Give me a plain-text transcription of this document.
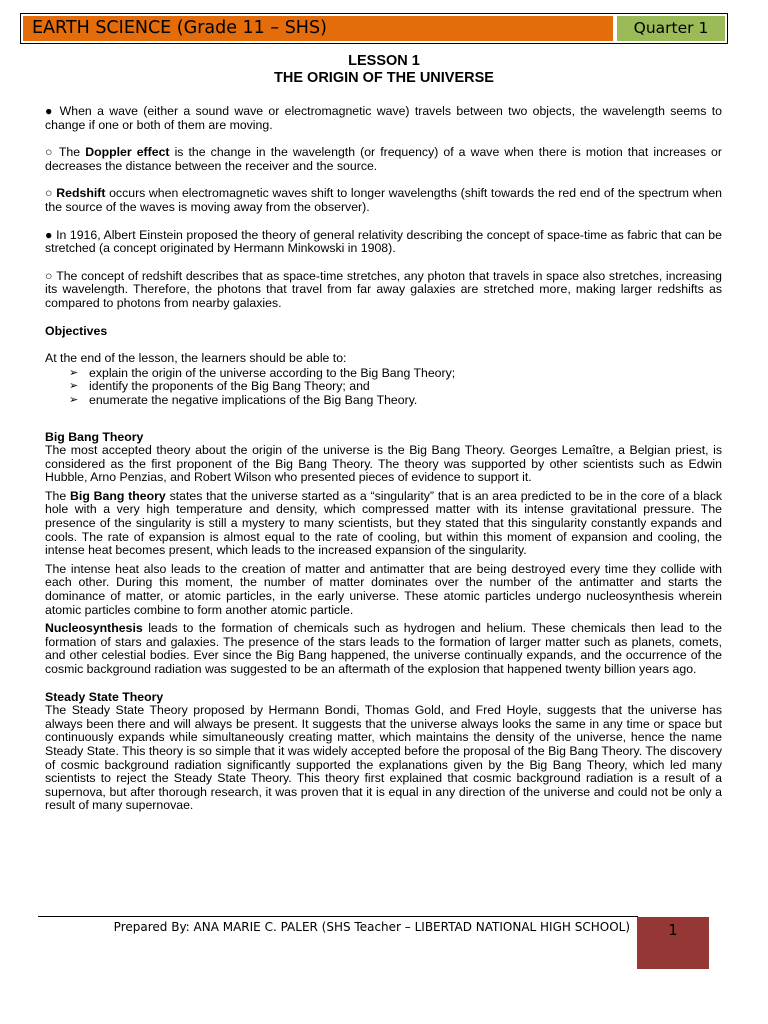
EARTH SCIENCE (Grade 11 – SHS)	Quarter 1
LESSON 1
THE ORIGIN OF THE UNIVERSE

● When a wave (either a sound wave or electromagnetic wave) travels between two objects, the wavelength seems to change if one or both of them are moving.

○ The Doppler effect is the change in the wavelength (or frequency) of a wave when there is motion that increases or decreases the distance between the receiver and the source.

○ Redshift occurs when electromagnetic waves shift to longer wavelengths (shift towards the red end of the spectrum when the source of the waves is moving away from the observer).

● In 1916, Albert Einstein proposed the theory of general relativity describing the concept of space-time as fabric that can be stretched (a concept originated by Hermann Minkowski in 1908).

○ The concept of redshift describes that as space-time stretches, any photon that travels in space also stretches, increasing its wavelength. Therefore, the photons that travel from far away galaxies are stretched more, making larger redshifts as compared to photons from nearby galaxies.

Objectives

At the end of the lesson, the learners should be able to:

➢ explain the origin of the universe according to the Big Bang Theory;
➢ identify the proponents of the Big Bang Theory; and
➢ enumerate the negative implications of the Big Bang Theory.
Big Bang Theory

The most accepted theory about the origin of the universe is the Big Bang Theory. Georges Lemaître, a Belgian priest, is considered as the first proponent of the Big Bang Theory. The theory was supported by other scientists such as Edwin Hubble, Arno Penzias, and Robert Wilson who presented pieces of evidence to support it.

The Big Bang theory states that the universe started as a “singularity” that is an area predicted to be in the core of a black hole with a very high temperature and density, which compressed matter with its intense gravitational pressure. The presence of the singularity is still a mystery to many scientists, but they stated that this singularity constantly expands and cools. The rate of expansion is almost equal to the rate of cooling, but within this moment of expansion and cooling, the intense heat becomes present, which leads to the increased expansion of the singularity.

The intense heat also leads to the creation of matter and antimatter that are being destroyed every time they collide with each other. During this moment, the number of matter dominates over the number of the antimatter and starts the dominance of matter, or atomic particles, in the early universe. These atomic particles undergo nucleosynthesis wherein atomic particles combine to form another atomic particle.

Nucleosynthesis leads to the formation of chemicals such as hydrogen and helium. These chemicals then lead to the formation of stars and galaxies. The presence of the stars leads to the formation of larger matter such as planets, comets, and other celestial bodies. Ever since the Big Bang happened, the universe continually expands, and the occurrence of the cosmic background radiation was suggested to be an aftermath of the explosion that happened twenty billion years ago.

Steady State Theory

The Steady State Theory proposed by Hermann Bondi, Thomas Gold, and Fred Hoyle, suggests that the universe has always been there and will always be present. It suggests that the universe always looks the same in any time or space but continuously expands while simultaneously creating matter, which maintains the density of the universe, hence the name Steady State. This theory is so simple that it was widely accepted before the proposal of the Big Bang Theory. The discovery of cosmic background radiation significantly supported the explanations given by the Big Bang Theory, which led many scientists to reject the Steady State Theory. This theory first explained that cosmic background radiation is a result of a supernova, but after thorough research, it was proven that it is equal in any direction of the universe and could not be only a result of many supernovae.

Prepared By: ANA MARIE C. PALER (SHS Teacher – LIBERTAD NATIONAL HIGH SCHOOL)	1
